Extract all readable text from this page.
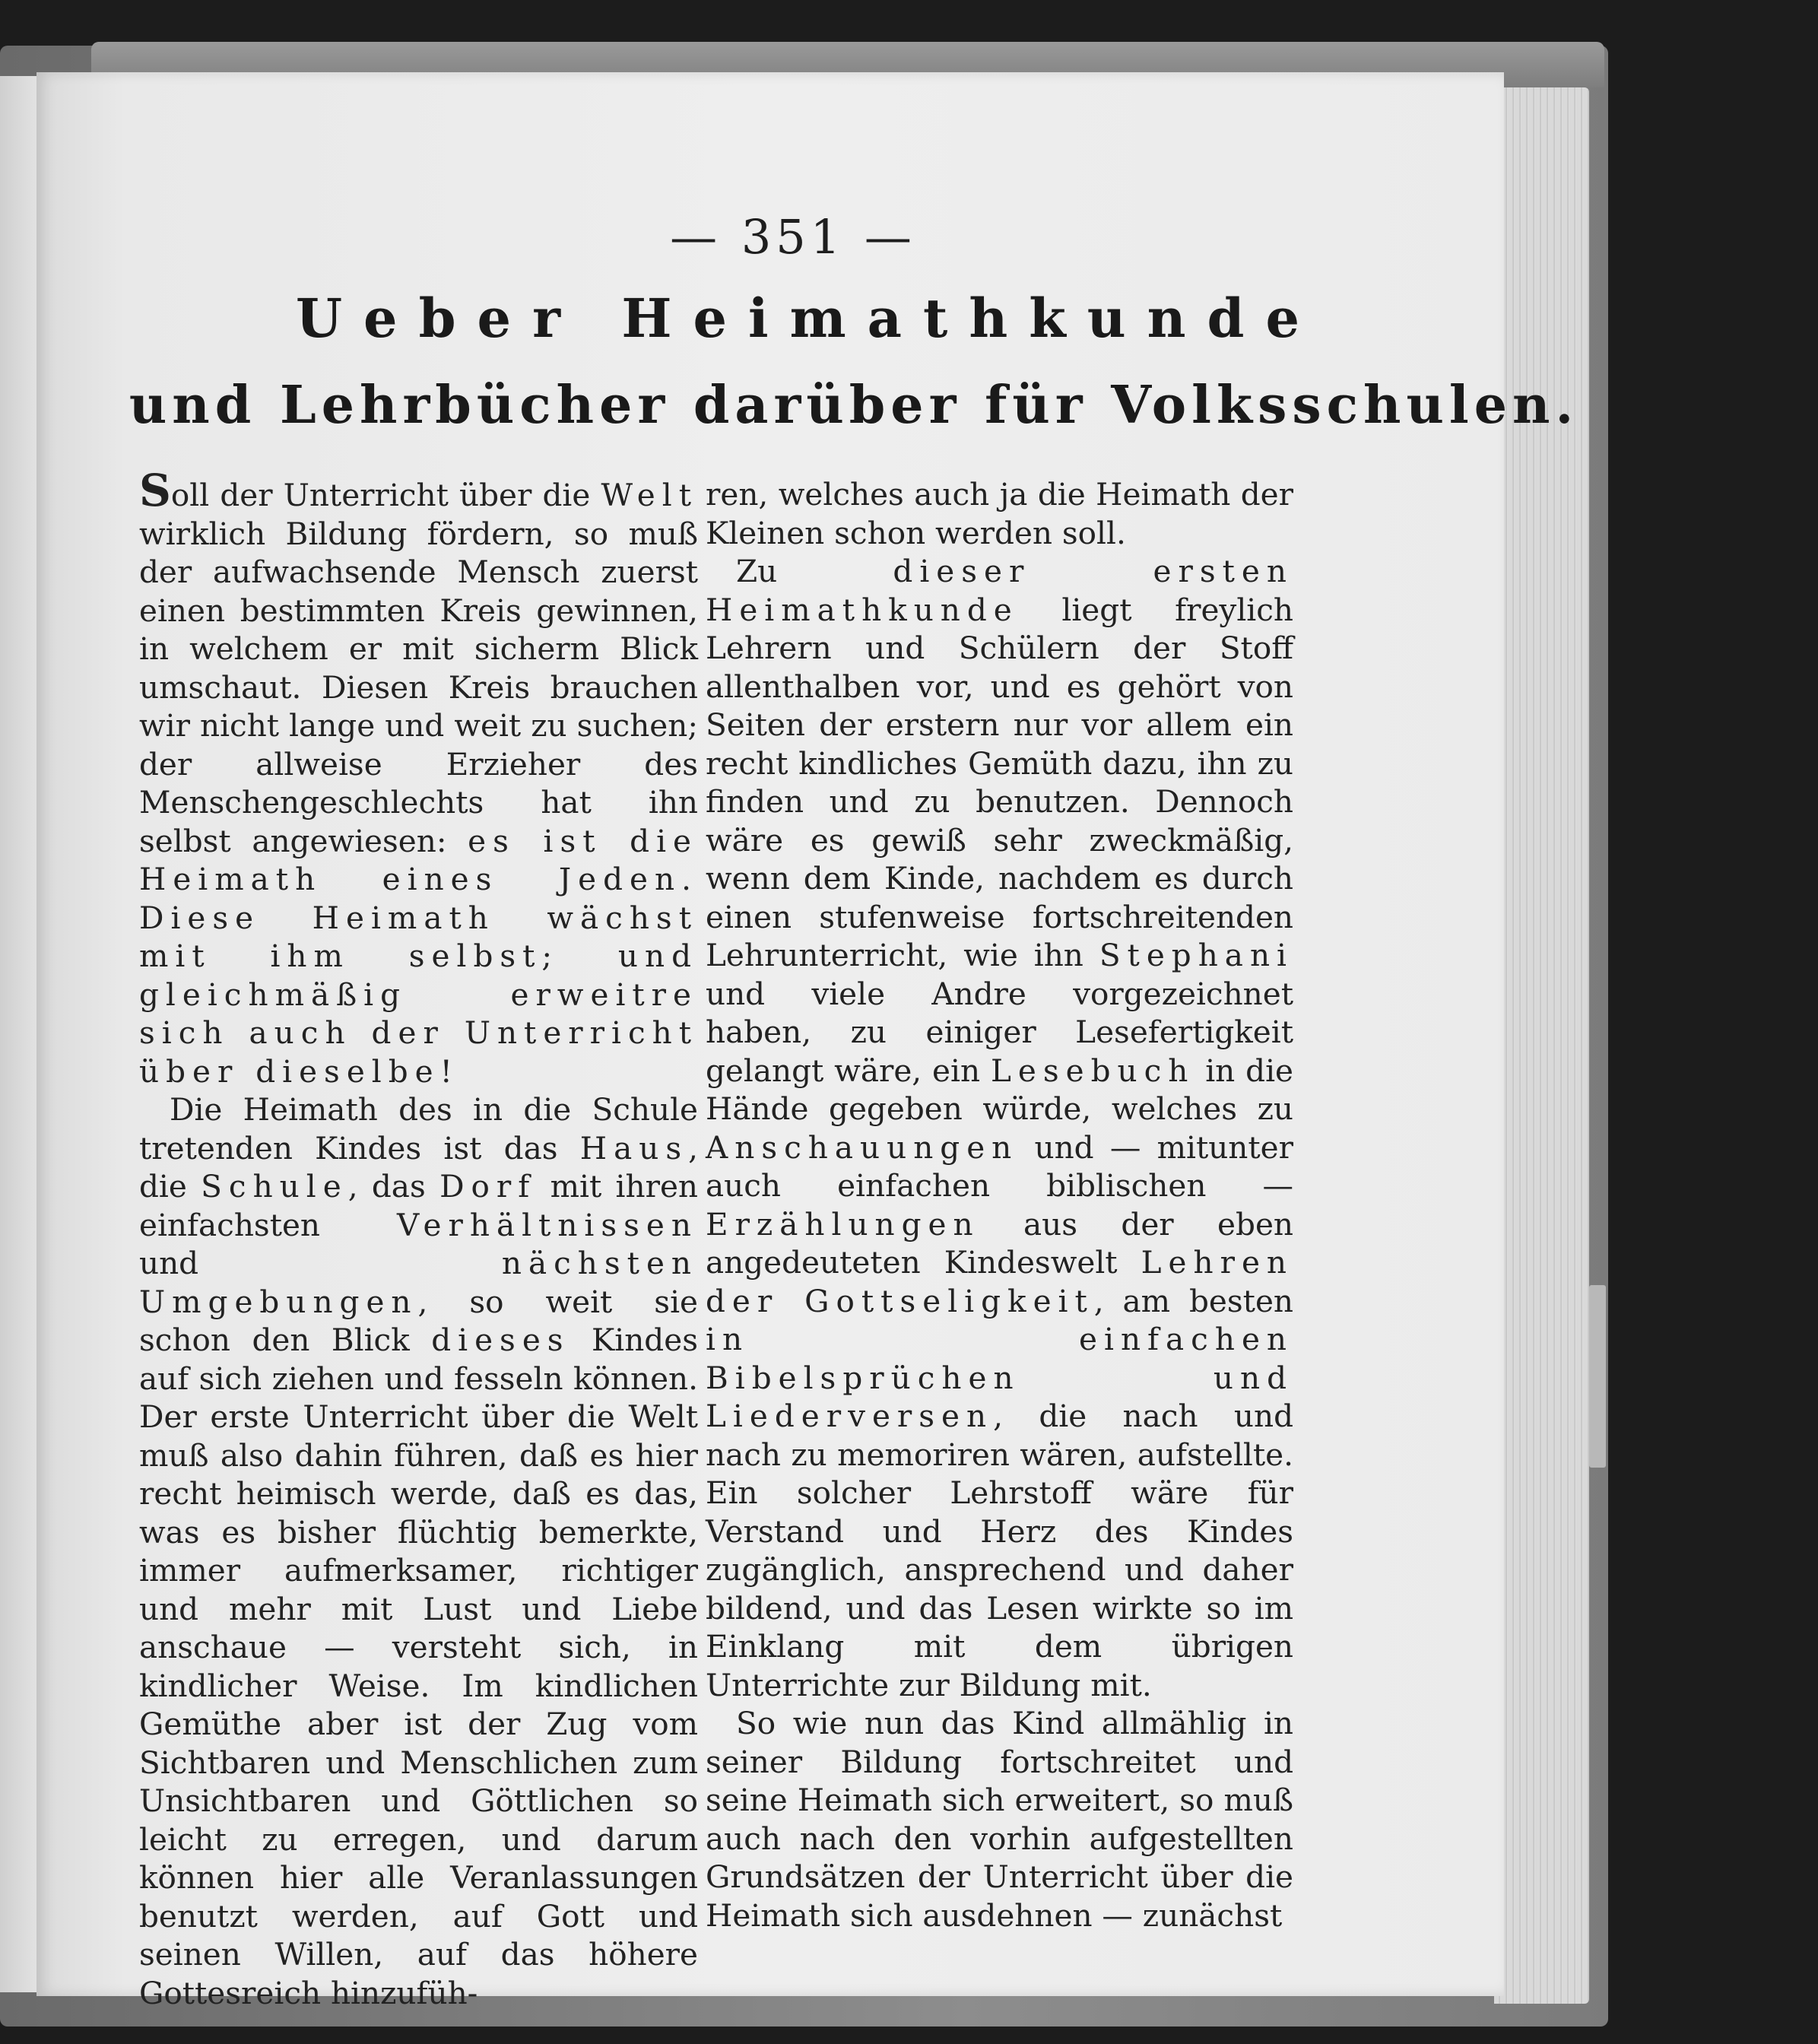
— 351 —
Ueber Heimathkunde
und Lehrbücher darüber für Volksschulen.

Soll der Unterricht über die Welt wirklich Bildung fördern, so muß der aufwachsende Mensch zuerst einen bestimmten Kreis gewinnen, in welchem er mit sicherm Blick umschaut. Diesen Kreis brauchen wir nicht lange und weit zu suchen; der allweise Erzieher des Menschengeschlechts hat ihn selbst angewiesen: es ist die Heimath eines Jeden. Diese Heimath wächst mit ihm selbst; und gleichmäßig erweitre sich auch der Unterricht über dieselbe!

Die Heimath des in die Schule tretenden Kindes ist das Haus, die Schule, das Dorf mit ihren einfachsten Verhältnissen und nächsten Umgebungen, so weit sie schon den Blick dieses Kindes auf sich ziehen und fesseln können. Der erste Unterricht über die Welt muß also dahin führen, daß es hier recht heimisch werde, daß es das, was es bisher flüchtig bemerkte, immer aufmerksamer, richtiger und mehr mit Lust und Liebe anschaue — versteht sich, in kindlicher Weise. Im kindlichen Gemüthe aber ist der Zug vom Sichtbaren und Menschlichen zum Unsichtbaren und Göttlichen so leicht zu erregen, und darum können hier alle Veranlassungen benutzt werden, auf Gott und seinen Willen, auf das höhere Gottesreich hinzufüh-

ren, welches auch ja die Heimath der Kleinen schon werden soll.

Zu dieser ersten Heimathkunde liegt freylich Lehrern und Schülern der Stoff allenthalben vor, und es gehört von Seiten der erstern nur vor allem ein recht kindliches Gemüth dazu, ihn zu finden und zu benutzen. Dennoch wäre es gewiß sehr zweckmäßig, wenn dem Kinde, nachdem es durch einen stufenweise fortschreitenden Lehrunterricht, wie ihn Stephani und viele Andre vorgezeichnet haben, zu einiger Lesefertigkeit gelangt wäre, ein Lesebuch in die Hände gegeben würde, welches zu Anschauungen und — mitunter auch einfachen biblischen — Erzählungen aus der eben angedeuteten Kindeswelt Lehren der Gottseligkeit, am besten in einfachen Bibelsprüchen und Liederversen, die nach und nach zu memoriren wären, aufstellte. Ein solcher Lehrstoff wäre für Verstand und Herz des Kindes zugänglich, ansprechend und daher bildend, und das Lesen wirkte so im Einklang mit dem übrigen Unterrichte zur Bildung mit.

So wie nun das Kind allmählig in seiner Bildung fortschreitet und seine Heimath sich erweitert, so muß auch nach den vorhin aufgestellten Grundsätzen der Unterricht über die Heimath sich ausdehnen — zunächst
